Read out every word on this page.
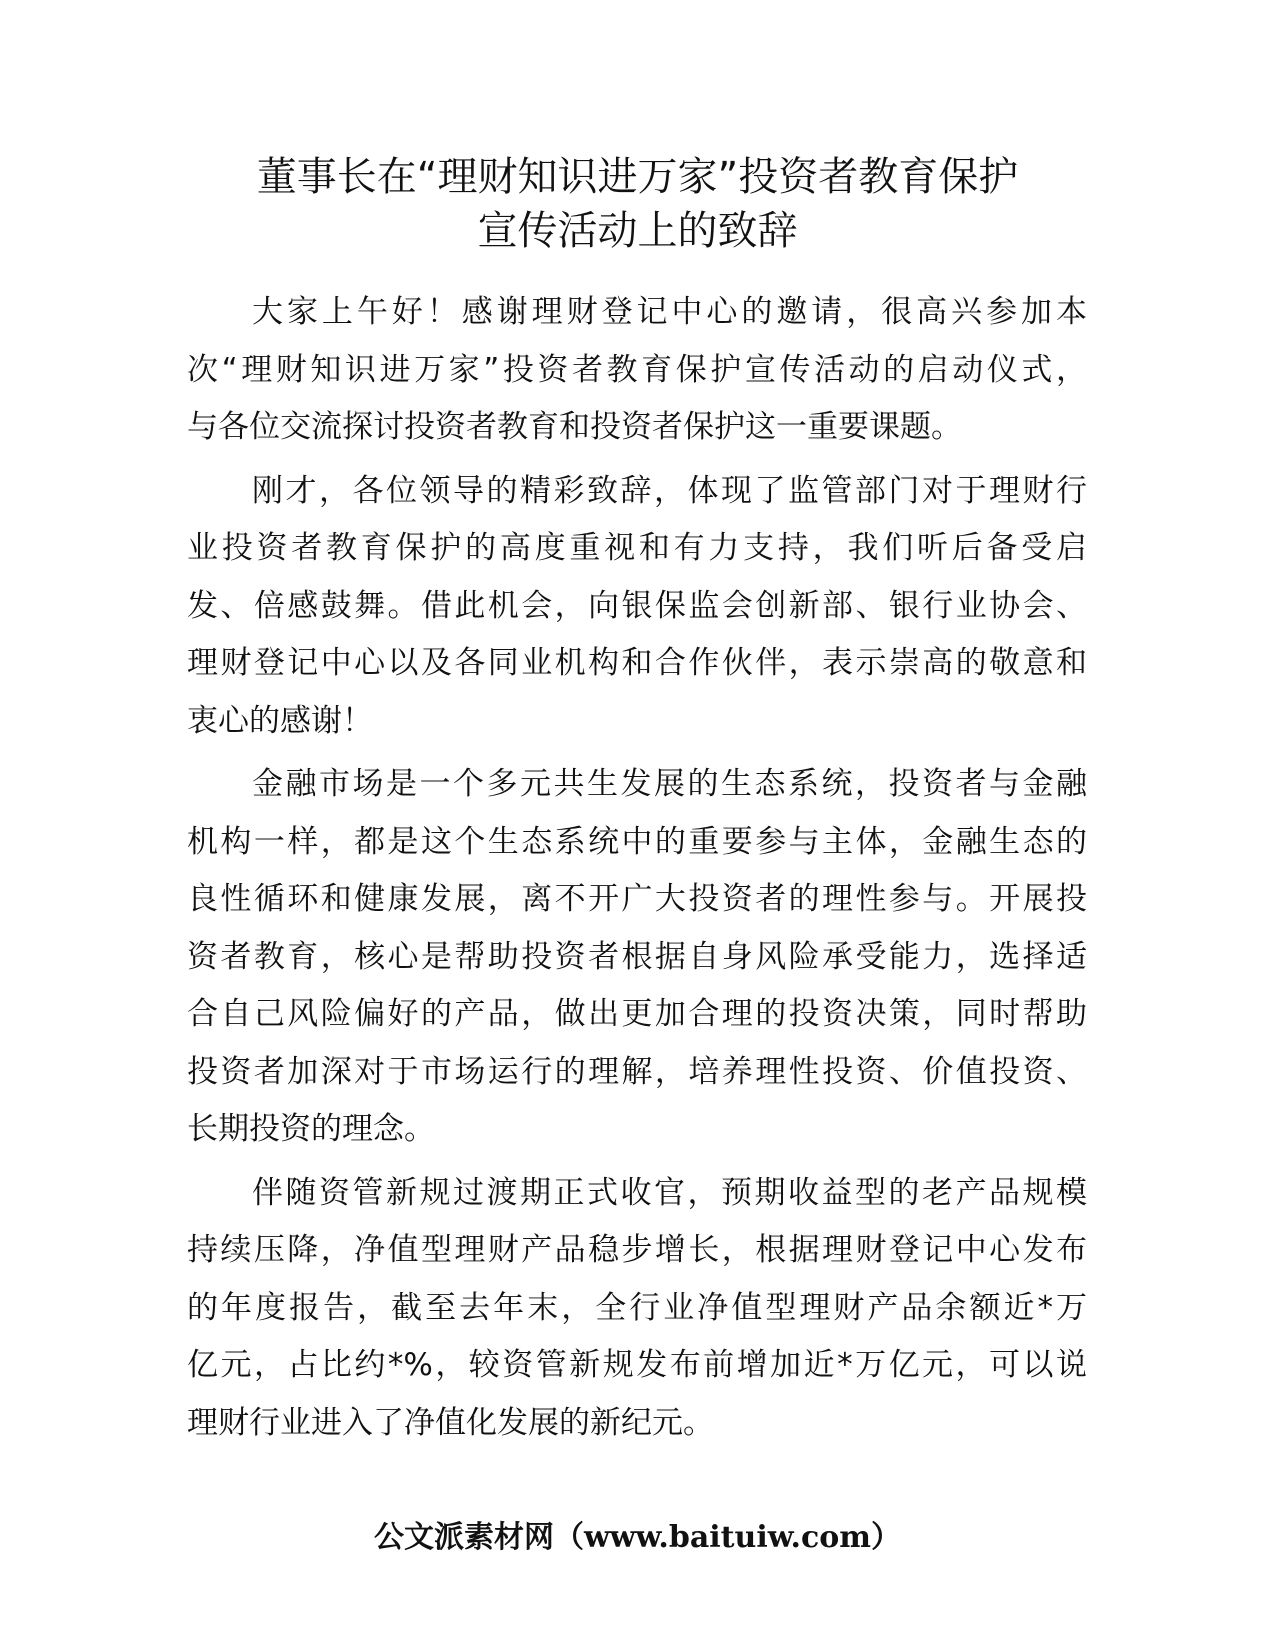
董事长在“理财知识进万家”投资者教育保护
宣传活动上的致辞
大家上午好！感谢理财登记中心的邀请，很高兴参加本
次“理财知识进万家”投资者教育保护宣传活动的启动仪式，
与各位交流探讨投资者教育和投资者保护这一重要课题。
刚才，各位领导的精彩致辞，体现了监管部门对于理财行
业投资者教育保护的高度重视和有力支持，我们听后备受启
发、倍感鼓舞。借此机会，向银保监会创新部、银行业协会、
理财登记中心以及各同业机构和合作伙伴，表示崇高的敬意和
衷心的感谢！
金融市场是一个多元共生发展的生态系统，投资者与金融
机构一样，都是这个生态系统中的重要参与主体，金融生态的
良性循环和健康发展，离不开广大投资者的理性参与。开展投
资者教育，核心是帮助投资者根据自身风险承受能力，选择适
合自己风险偏好的产品，做出更加合理的投资决策，同时帮助
投资者加深对于市场运行的理解，培养理性投资、价值投资、
长期投资的理念。
伴随资管新规过渡期正式收官，预期收益型的老产品规模
持续压降，净值型理财产品稳步增长，根据理财登记中心发布
的年度报告，截至去年末，全行业净值型理财产品余额近*万
亿元，占比约*%，较资管新规发布前增加近*万亿元，可以说
理财行业进入了净值化发展的新纪元。
公文派素材网（www.baituiw.com）
